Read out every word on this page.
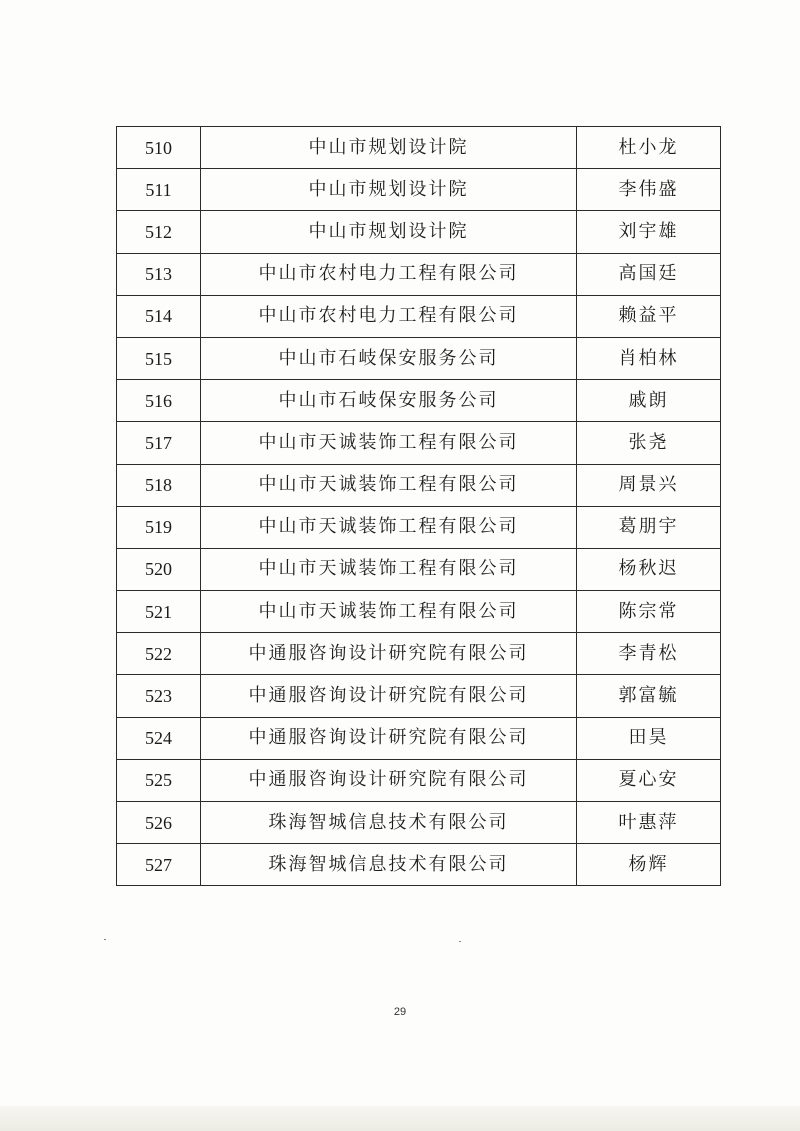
510	中山市规划设计院	杜小龙
511	中山市规划设计院	李伟盛
512	中山市规划设计院	刘宇雄
513	中山市农村电力工程有限公司	高国廷
514	中山市农村电力工程有限公司	赖益平
515	中山市石岐保安服务公司	肖柏林
516	中山市石岐保安服务公司	戚朗
517	中山市天诚装饰工程有限公司	张尧
518	中山市天诚装饰工程有限公司	周景兴
519	中山市天诚装饰工程有限公司	葛朋宇
520	中山市天诚装饰工程有限公司	杨秋迟
521	中山市天诚装饰工程有限公司	陈宗常
522	中通服咨询设计研究院有限公司	李青松
523	中通服咨询设计研究院有限公司	郭富毓
524	中通服咨询设计研究院有限公司	田昊
525	中通服咨询设计研究院有限公司	夏心安
526	珠海智城信息技术有限公司	叶惠萍
527	珠海智城信息技术有限公司	杨辉
29
